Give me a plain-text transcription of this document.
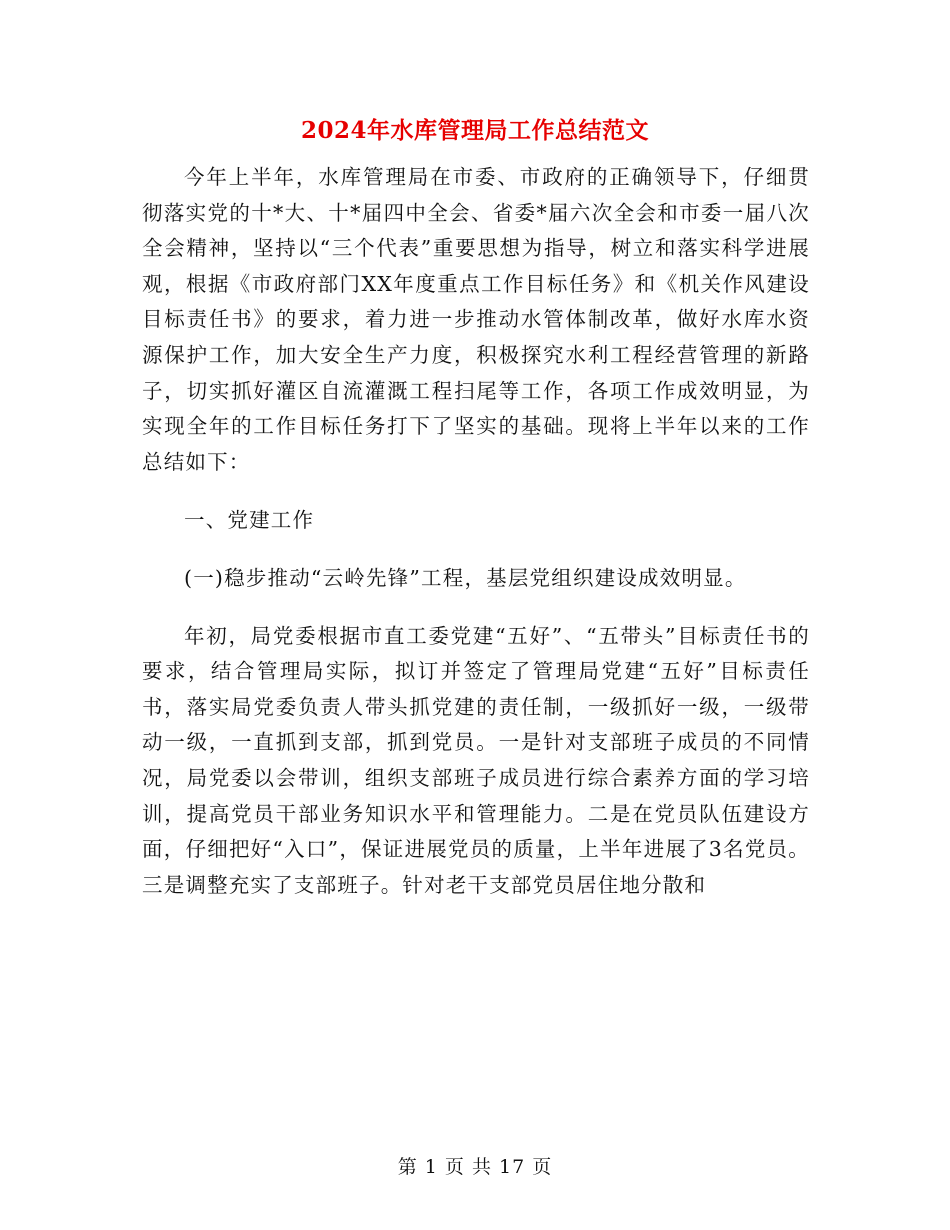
2024年水库管理局工作总结范文

今年上半年，水库管理局在市委、市政府的正确领导下，仔细贯彻落实党的十*大、十*届四中全会、省委*届六次全会和市委一届八次全会精神，坚持以“三个代表”重要思想为指导，树立和落实科学进展观，根据《市政府部门XX年度重点工作目标任务》和《机关作风建设目标责任书》的要求，着力进一步推动水管体制改革，做好水库水资源保护工作，加大安全生产力度，积极探究水利工程经营管理的新路子，切实抓好灌区自流灌溉工程扫尾等工作，各项工作成效明显，为实现全年的工作目标任务打下了坚实的基础。现将上半年以来的工作总结如下：

一、党建工作

(一)稳步推动“云岭先锋”工程，基层党组织建设成效明显。

年初，局党委根据市直工委党建“五好”、“五带头”目标责任书的要求，结合管理局实际，拟订并签定了管理局党建“五好”目标责任书，落实局党委负责人带头抓党建的责任制，一级抓好一级，一级带动一级，一直抓到支部，抓到党员。一是针对支部班子成员的不同情况，局党委以会带训，组织支部班子成员进行综合素养方面的学习培训，提高党员干部业务知识水平和管理能力。二是在党员队伍建设方面，仔细把好“入口”，保证进展党员的质量，上半年进展了3名党员。三是调整充实了支部班子。针对老干支部党员居住地分散和

第 1 页 共 17 页
